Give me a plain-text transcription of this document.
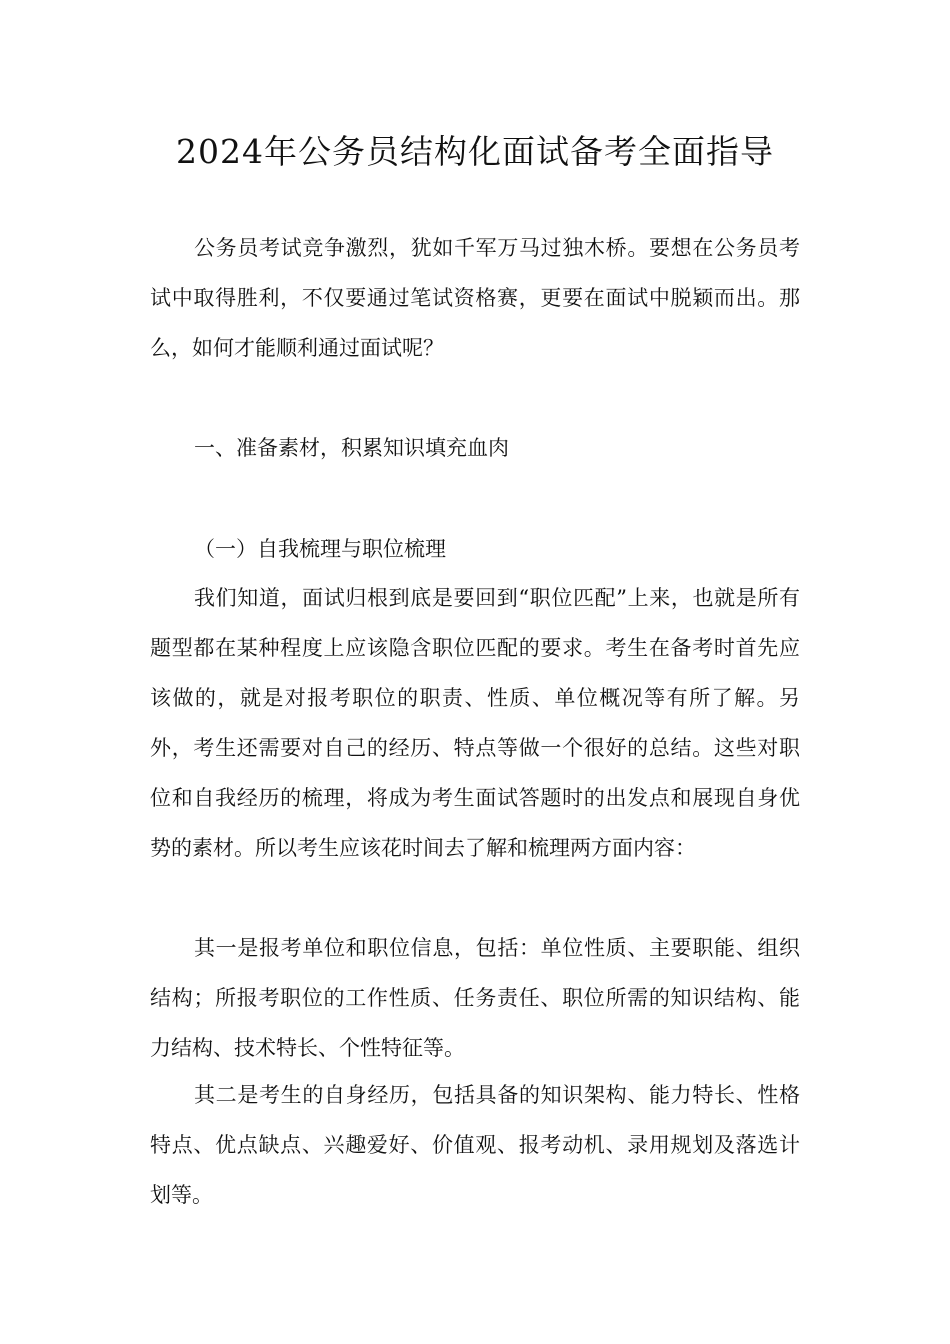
2024年公务员结构化面试备考全面指导

公务员考试竞争激烈，犹如千军万马过独木桥。要想在公务员考试中取得胜利，不仅要通过笔试资格赛，更要在面试中脱颖而出。那么，如何才能顺利通过面试呢？

一、准备素材，积累知识填充血肉

（一）自我梳理与职位梳理

我们知道，面试归根到底是要回到“职位匹配”上来，也就是所有题型都在某种程度上应该隐含职位匹配的要求。考生在备考时首先应该做的，就是对报考职位的职责、性质、单位概况等有所了解。另外，考生还需要对自己的经历、特点等做一个很好的总结。这些对职位和自我经历的梳理，将成为考生面试答题时的出发点和展现自身优势的素材。所以考生应该花时间去了解和梳理两方面内容：

其一是报考单位和职位信息，包括：单位性质、主要职能、组织结构；所报考职位的工作性质、任务责任、职位所需的知识结构、能力结构、技术特长、个性特征等。

其二是考生的自身经历，包括具备的知识架构、能力特长、性格特点、优点缺点、兴趣爱好、价值观、报考动机、录用规划及落选计划等。
